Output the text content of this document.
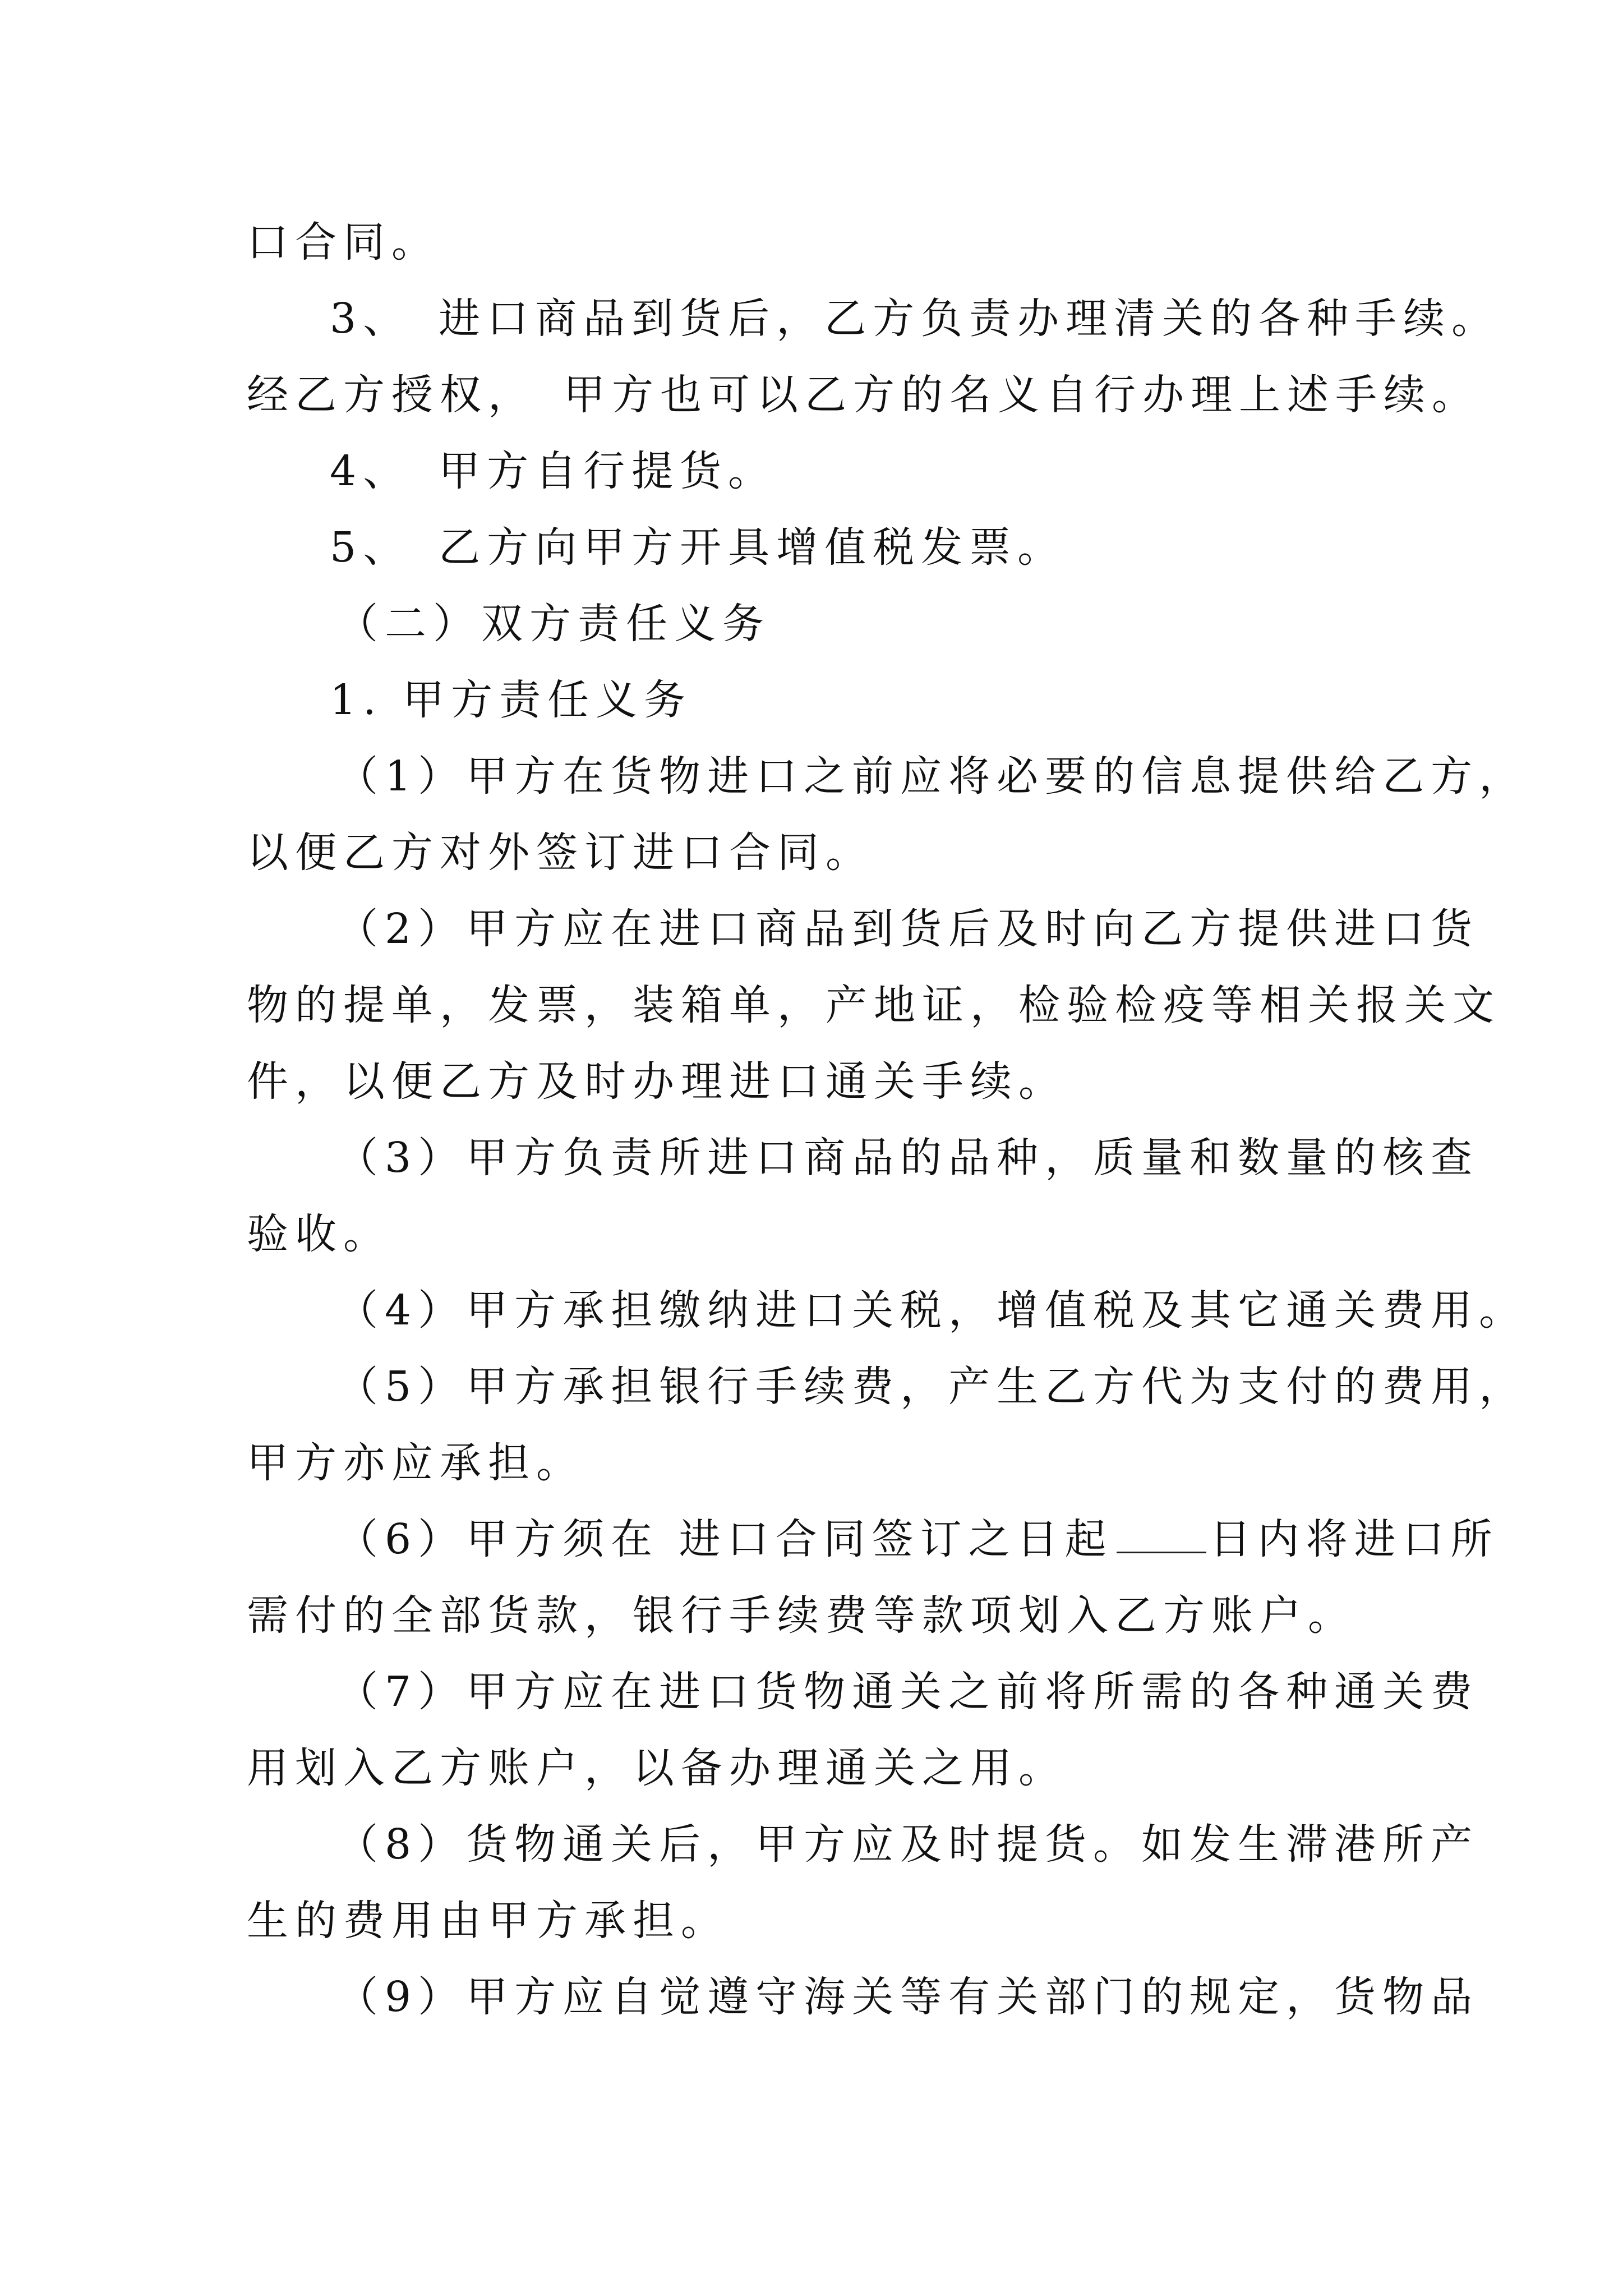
口合同。
3、　进口商品到货后，乙方负责办理清关的各种手续。
经乙方授权，　甲方也可以乙方的名义自行办理上述手续。
4、　甲方自行提货。
5、　乙方向甲方开具增值税发票。
（二）双方责任义务
1. 甲方责任义务
（1）甲方在货物进口之前应将必要的信息提供给乙方，
以便乙方对外签订进口合同。
（2）甲方应在进口商品到货后及时向乙方提供进口货
物的提单，发票，装箱单，产地证，检验检疫等相关报关文
件，以便乙方及时办理进口通关手续。
（3）甲方负责所进口商品的品种，质量和数量的核查
验收。
（4）甲方承担缴纳进口关税，增值税及其它通关费用。
（5）甲方承担银行手续费，产生乙方代为支付的费用，
甲方亦应承担。
（6）甲方须在 进口合同签订之日起 日内将进口所
需付的全部货款，银行手续费等款项划入乙方账户。
（7）甲方应在进口货物通关之前将所需的各种通关费
用划入乙方账户，以备办理通关之用。
（8）货物通关后，甲方应及时提货。如发生滞港所产
生的费用由甲方承担。
（9）甲方应自觉遵守海关等有关部门的规定，货物品
